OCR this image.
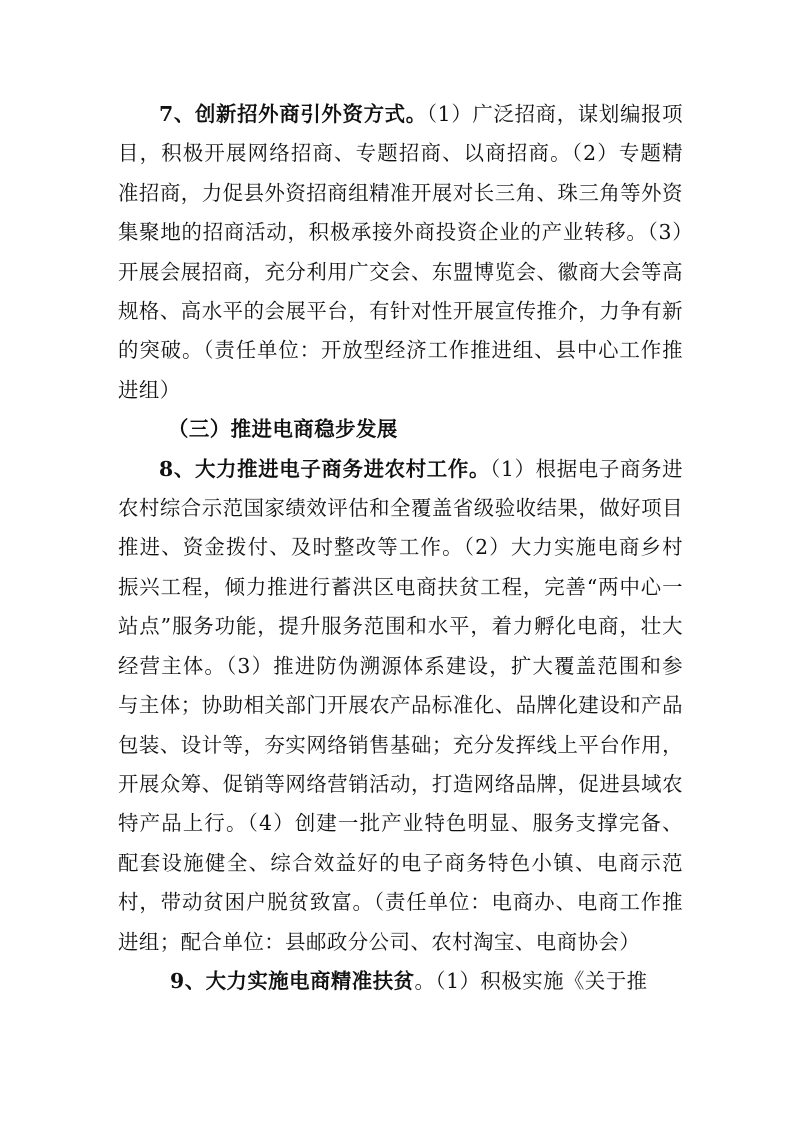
7、创新招外商引外资方式。（1）广泛招商，谋划编报项目，积极开展网络招商、专题招商、以商招商。（2）专题精准招商，力促县外资招商组精准开展对长三角、珠三角等外资集聚地的招商活动，积极承接外商投资企业的产业转移。（3）开展会展招商，充分利用广交会、东盟博览会、徽商大会等高规格、高水平的会展平台，有针对性开展宣传推介，力争有新的突破。（责任单位：开放型经济工作推进组、县中心工作推进组）

（三）推进电商稳步发展

8、大力推进电子商务进农村工作。（1）根据电子商务进农村综合示范国家绩效评估和全覆盖省级验收结果，做好项目推进、资金拨付、及时整改等工作。（2）大力实施电商乡村振兴工程，倾力推进行蓄洪区电商扶贫工程，完善“两中心一站点”服务功能，提升服务范围和水平，着力孵化电商，壮大经营主体。（3）推进防伪溯源体系建设，扩大覆盖范围和参与主体；协助相关部门开展农产品标准化、品牌化建设和产品包装、设计等，夯实网络销售基础；充分发挥线上平台作用，开展众筹、促销等网络营销活动，打造网络品牌，促进县域农特产品上行。（4）创建一批产业特色明显、服务支撑完备、配套设施健全、综合效益好的电子商务特色小镇、电商示范村，带动贫困户脱贫致富。（责任单位：电商办、电商工作推进组；配合单位：县邮政分公司、农村淘宝、电商协会）

9、大力实施电商精准扶贫。（1）积极实施《关于推
